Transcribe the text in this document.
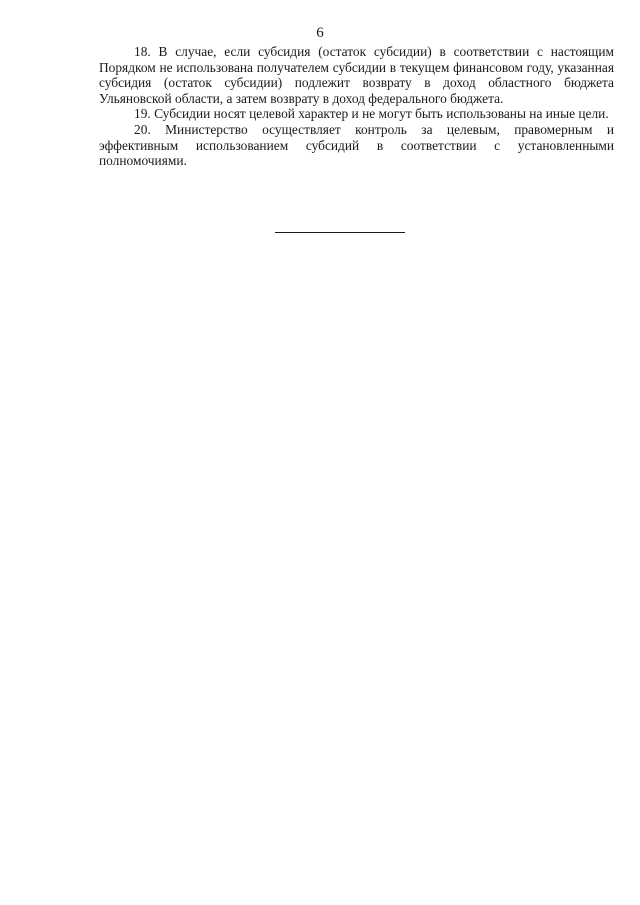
6

18. В случае, если субсидия (остаток субсидии) в соответствии с настоящим Порядком не использована получателем субсидии в текущем финансовом году, указанная субсидия (остаток субсидии) подлежит возврату в доход областного бюджета Ульяновской области, а затем возврату в доход федерального бюджета.

19. Субсидии носят целевой характер и не могут быть использованы на иные цели.

20. Министерство осуществляет контроль за целевым, правомерным и эффективным использованием субсидий в соответствии с установленными полномочиями.
